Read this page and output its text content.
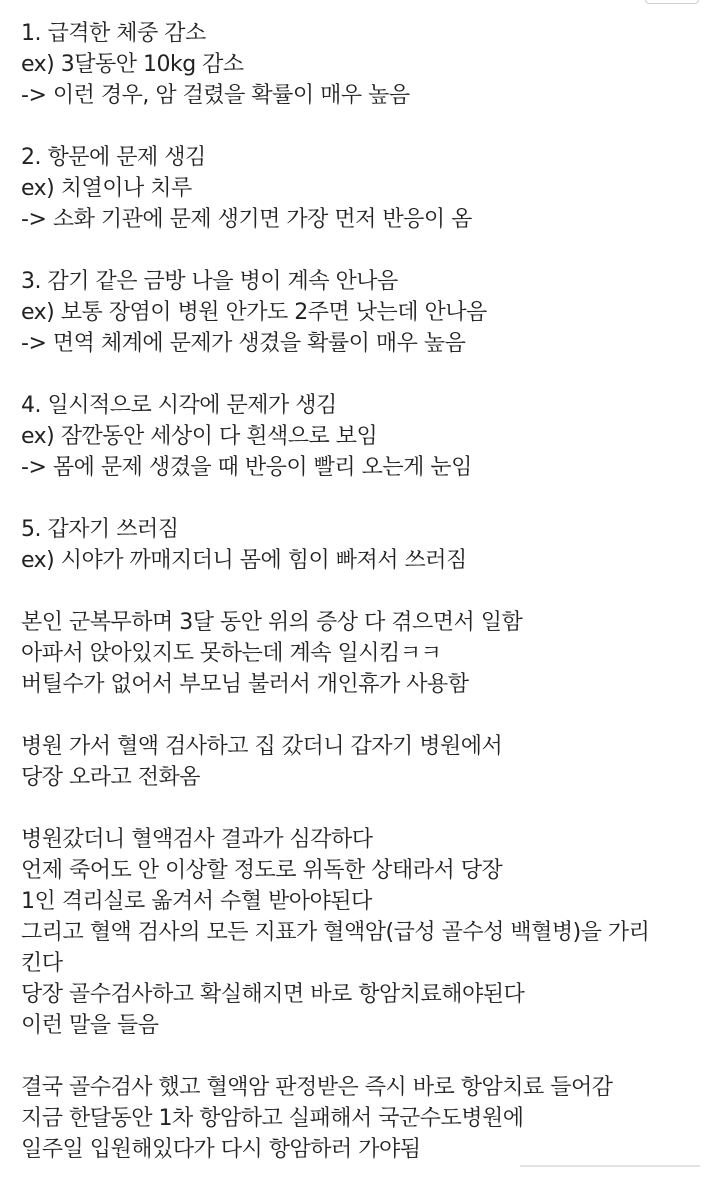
1. 급격한 체중 감소
ex) 3달동안 10kg 감소
-> 이런 경우, 암 걸렸을 확률이 매우 높음
2. 항문에 문제 생김
ex) 치열이나 치루
-> 소화 기관에 문제 생기면 가장 먼저 반응이 옴
3. 감기 같은 금방 나을 병이 계속 안나음
ex) 보통 장염이 병원 안가도 2주면 낫는데 안나음
-> 면역 체계에 문제가 생겼을 확률이 매우 높음
4. 일시적으로 시각에 문제가 생김
ex) 잠깐동안 세상이 다 흰색으로 보임
-> 몸에 문제 생겼을 때 반응이 빨리 오는게 눈임
5. 갑자기 쓰러짐
ex) 시야가 까매지더니 몸에 힘이 빠져서 쓰러짐
본인 군복무하며 3달 동안 위의 증상 다 겪으면서 일함
아파서 앉아있지도 못하는데 계속 일시킴ㅋㅋ
버틸수가 없어서 부모님 불러서 개인휴가 사용함
병원 가서 혈액 검사하고 집 갔더니 갑자기 병원에서
당장 오라고 전화옴
병원갔더니 혈액검사 결과가 심각하다
언제 죽어도 안 이상할 정도로 위독한 상태라서 당장
1인 격리실로 옮겨서 수혈 받아야된다
그리고 혈액 검사의 모든 지표가 혈액암(급성 골수성 백혈병)을 가리
킨다
당장 골수검사하고 확실해지면 바로 항암치료해야된다
이런 말을 들음
결국 골수검사 했고 혈액암 판정받은 즉시 바로 항암치료 들어감
지금 한달동안 1차 항암하고 실패해서 국군수도병원에
일주일 입원해있다가 다시 항암하러 가야됨
